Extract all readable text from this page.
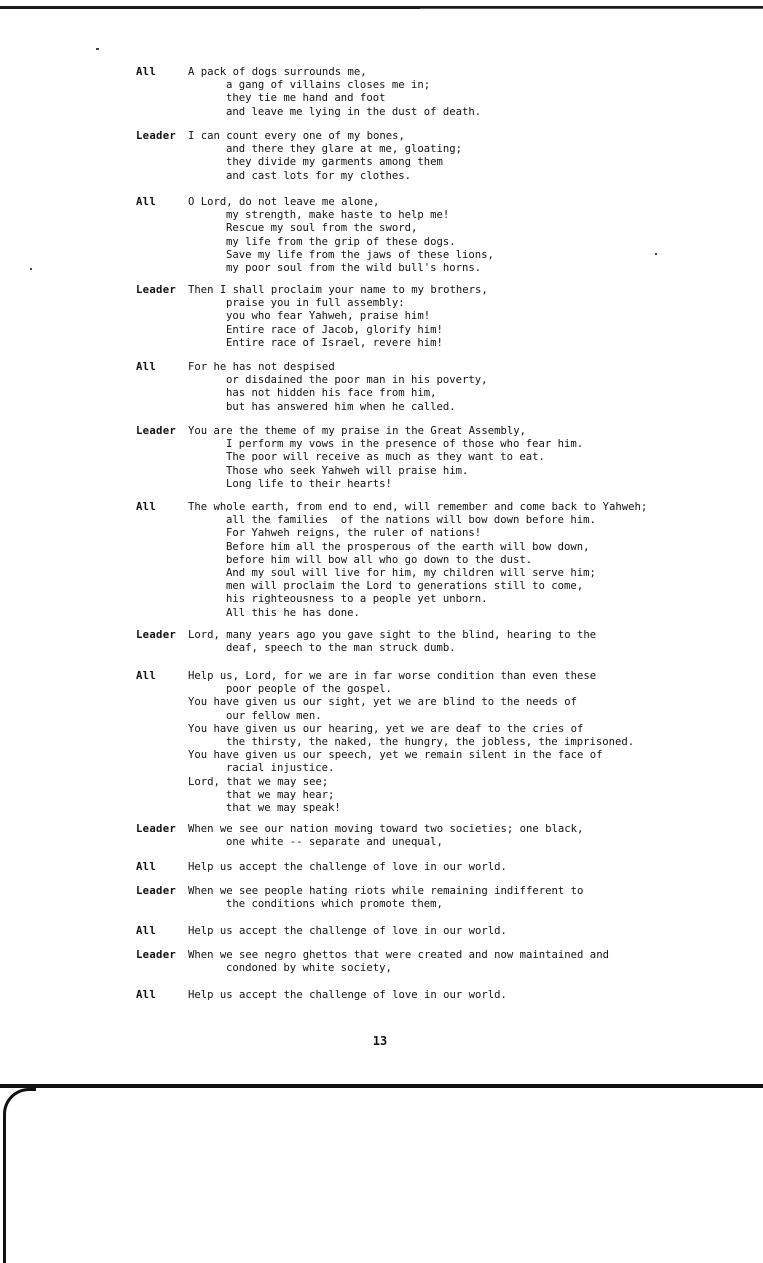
All	A pack of dogs surrounds me,
a gang of villains closes me in;
they tie me hand and foot
and leave me lying in the dust of death.
Leader I can count every one of my bones,
and there they glare at me, gloating;
they divide my garments among them
and cast lots for my clothes.
All	O Lord, do not leave me alone,
my strength, make haste to help me!
Rescue my soul from the sword,
my life from the grip of these dogs.
Save my life from the jaws of these lions,
my poor soul from the wild bull's horns.
Leader Then I shall proclaim your name to my brothers,
praise you in full assembly:
you who fear Yahweh, praise him!
Entire race of Jacob, glorify him!
Entire race of Israel, revere him!
All	For he has not despised
or disdained the poor man in his poverty,
has not hidden his face from him,
but has answered him when he called.
Leader You are the theme of my praise in the Great Assembly,
I perform my vows in the presence of those who fear him.
The poor will receive as much as they want to eat.
Those who seek Yahweh will praise him.
Long life to their hearts!
All	The whole earth, from end to end, will remember and come back to Yahweh;
all the families  of the nations will bow down before him.
For Yahweh reigns, the ruler of nations!
Before him all the prosperous of the earth will bow down,
before him will bow all who go down to the dust.
And my soul will live for him, my children will serve him;
men will proclaim the Lord to generations still to come,
his righteousness to a people yet unborn.
All this he has done.
Leader Lord, many years ago you gave sight to the blind, hearing to the
deaf, speech to the man struck dumb.
All	Help us, Lord, for we are in far worse condition than even these
poor people of the gospel.
You have given us our sight, yet we are blind to the needs of
our fellow men.
You have given us our hearing, yet we are deaf to the cries of
the thirsty, the naked, the hungry, the jobless, the imprisoned.
You have given us our speech, yet we remain silent in the face of
racial injustice.
Lord, that we may see;
that we may hear;
that we may speak!
Leader When we see our nation moving toward two societies; one black,
one white -- separate and unequal,
All	Help us accept the challenge of love in our world.
Leader When we see people hating riots while remaining indifferent to
the conditions which promote them,
All	Help us accept the challenge of love in our world.
Leader When we see negro ghettos that were created and now maintained and
condoned by white society,
All	Help us accept the challenge of love in our world.
13
